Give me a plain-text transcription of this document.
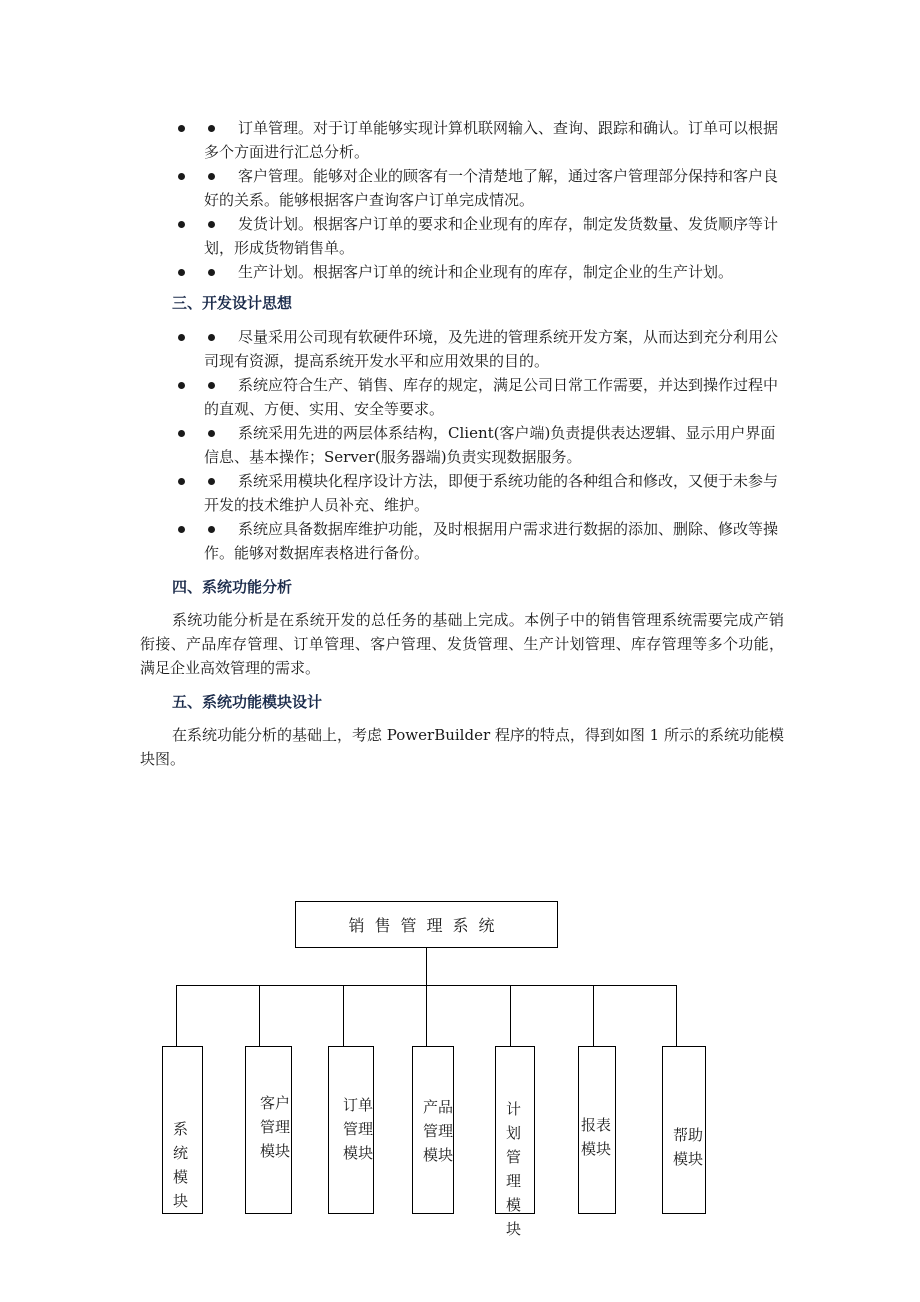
订单管理。对于订单能够实现计算机联网输入、查询、跟踪和确认。订单可以根据多个方面进行汇总分析。
客户管理。能够对企业的顾客有一个清楚地了解，通过客户管理部分保持和客户良好的关系。能够根据客户查询客户订单完成情况。
发货计划。根据客户订单的要求和企业现有的库存，制定发货数量、发货顺序等计划，形成货物销售单。
生产计划。根据客户订单的统计和企业现有的库存，制定企业的生产计划。
三、开发设计思想
尽量采用公司现有软硬件环境，及先进的管理系统开发方案，从而达到充分利用公司现有资源，提高系统开发水平和应用效果的目的。
系统应符合生产、销售、库存的规定，满足公司日常工作需要，并达到操作过程中的直观、方便、实用、安全等要求。
系统采用先进的两层体系结构，Client(客户端)负责提供表达逻辑、显示用户界面信息、基本操作；Server(服务器端)负责实现数据服务。
系统采用模块化程序设计方法，即便于系统功能的各种组合和修改，又便于未参与开发的技术维护人员补充、维护。
系统应具备数据库维护功能，及时根据用户需求进行数据的添加、删除、修改等操作。能够对数据库表格进行备份。
四、系统功能分析
系统功能分析是在系统开发的总任务的基础上完成。本例子中的销售管理系统需要完成产销衔接、产品库存管理、订单管理、客户管理、发货管理、生产计划管理、库存管理等多个功能，满足企业高效管理的需求。
五、系统功能模块设计
在系统功能分析的基础上，考虑 PowerBuilder 程序的特点，得到如图 1 所示的系统功能模块图。
销售管理系统
系统
模块
客户
管理
模块
订单
管理
模块
产品
管理
模块
计划
管理
模块
报表
模块
帮助
模块
